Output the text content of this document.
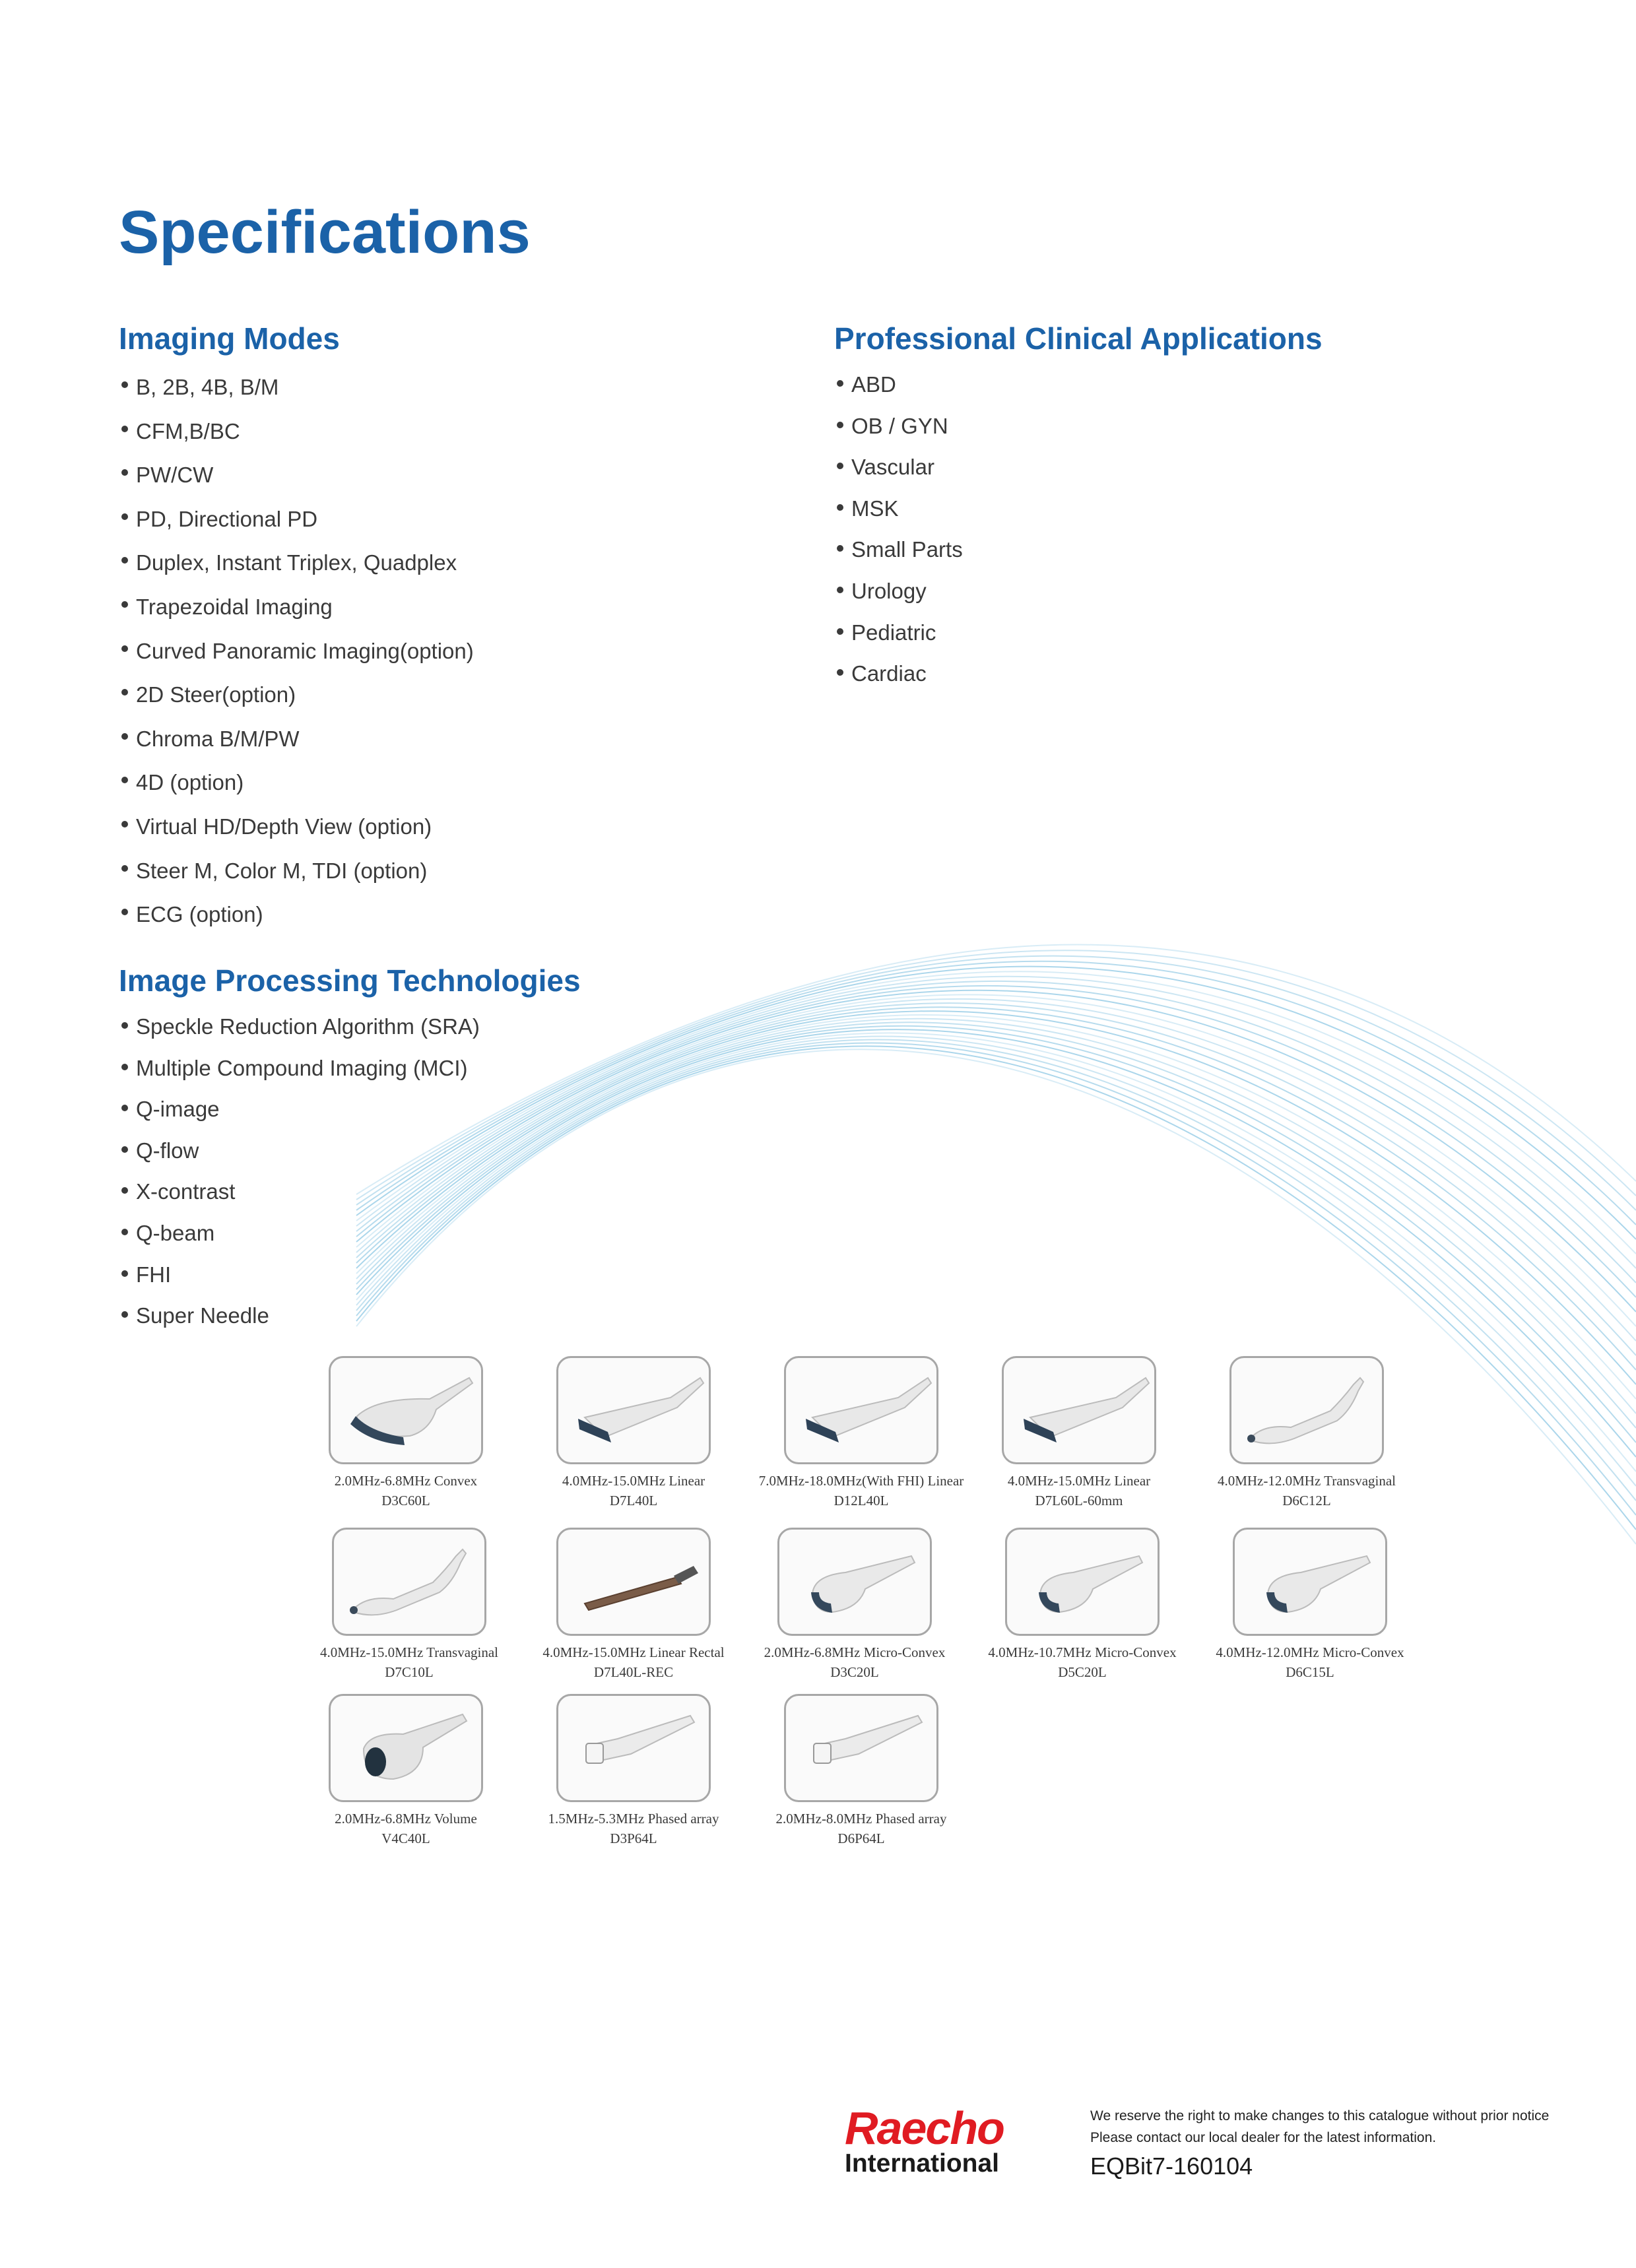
Specifications
Imaging Modes
B, 2B, 4B, B/M
CFM,B/BC
PW/CW
PD, Directional PD
Duplex, Instant Triplex, Quadplex
Trapezoidal Imaging
Curved Panoramic Imaging(option)
2D Steer(option)
Chroma B/M/PW
4D (option)
Virtual HD/Depth View (option)
Steer M, Color M, TDI (option)
ECG (option)
Professional Clinical Applications
ABD
OB / GYN
Vascular
MSK
Small Parts
Urology
Pediatric
Cardiac
Image Processing Technologies
Speckle Reduction Algorithm (SRA)
Multiple Compound Imaging (MCI)
Q-image
Q-flow
X-contrast
Q-beam
FHI
Super Needle
2.0MHz-6.8MHz Convex
D3C60L
4.0MHz-15.0MHz Linear
D7L40L
7.0MHz-18.0MHz(With FHI) Linear
D12L40L
4.0MHz-15.0MHz Linear
D7L60L-60mm
4.0MHz-12.0MHz Transvaginal
D6C12L
4.0MHz-15.0MHz Transvaginal
D7C10L
4.0MHz-15.0MHz Linear Rectal
D7L40L-REC
2.0MHz-6.8MHz Micro-Convex
D3C20L
4.0MHz-10.7MHz Micro-Convex
D5C20L
4.0MHz-12.0MHz Micro-Convex
D6C15L
2.0MHz-6.8MHz Volume
V4C40L
1.5MHz-5.3MHz Phased array
D3P64L
2.0MHz-8.0MHz Phased array
D6P64L
Raecho
International
We reserve the right to make changes to this catalogue without prior notice
Please contact our local dealer for the latest information.
EQBit7-160104
